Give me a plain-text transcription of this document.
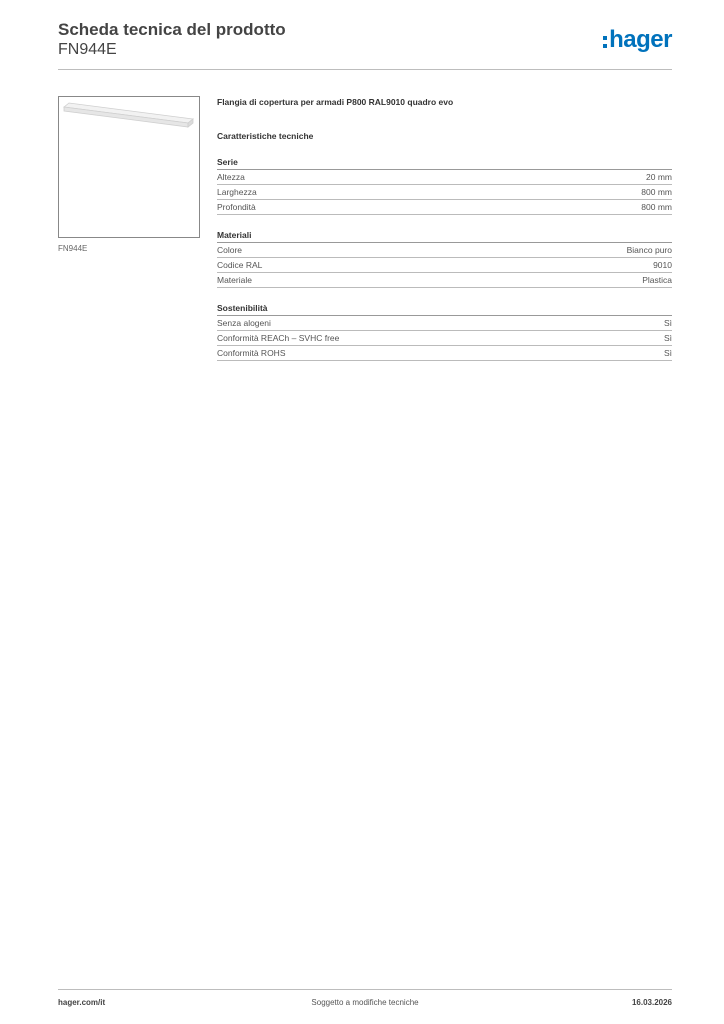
Scheda tecnica del prodotto
FN944E	hager
FN944E
Flangia di copertura per armadi P800 RAL9010 quadro evo
Caratteristiche tecniche
Serie
Altezza	20 mm
Larghezza	800 mm
Profondità	800 mm
Materiali
Colore	Bianco puro
Codice RAL	9010
Materiale	Plastica
Sostenibilità
Senza alogeni	Sì
Conformità REACh – SVHC free	Sì
Conformità ROHS	Sì
hager.com/it	Soggetto a modifiche tecniche	16.03.2026
